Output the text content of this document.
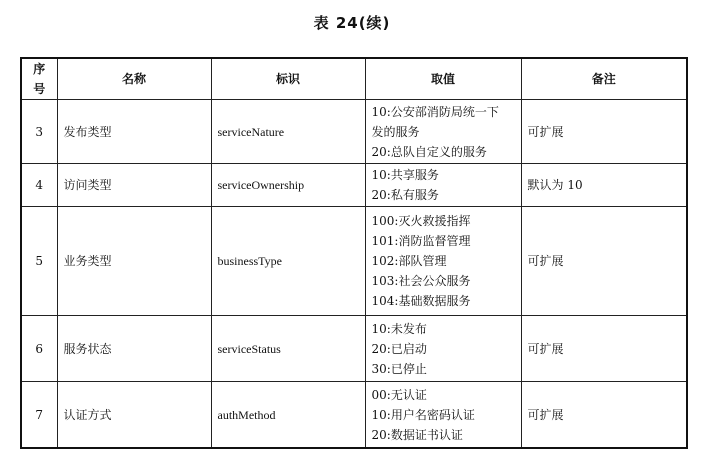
表 24(续)
序号	名称	标识	取值	备注
3	发布类型	serviceNature	10:公安部消防局统一下
发的服务
20:总队自定义的服务	可扩展
4	访问类型	serviceOwnership	10:共享服务
20:私有服务	默认为 10
5	业务类型	businessType	100:灭火救援指挥
101:消防监督管理
102:部队管理
103:社会公众服务
104:基础数据服务	可扩展
6	服务状态	serviceStatus	10:未发布
20:已启动
30:已停止	可扩展
7	认证方式	authMethod	00:无认证
10:用户名密码认证
20:数据证书认证	可扩展
